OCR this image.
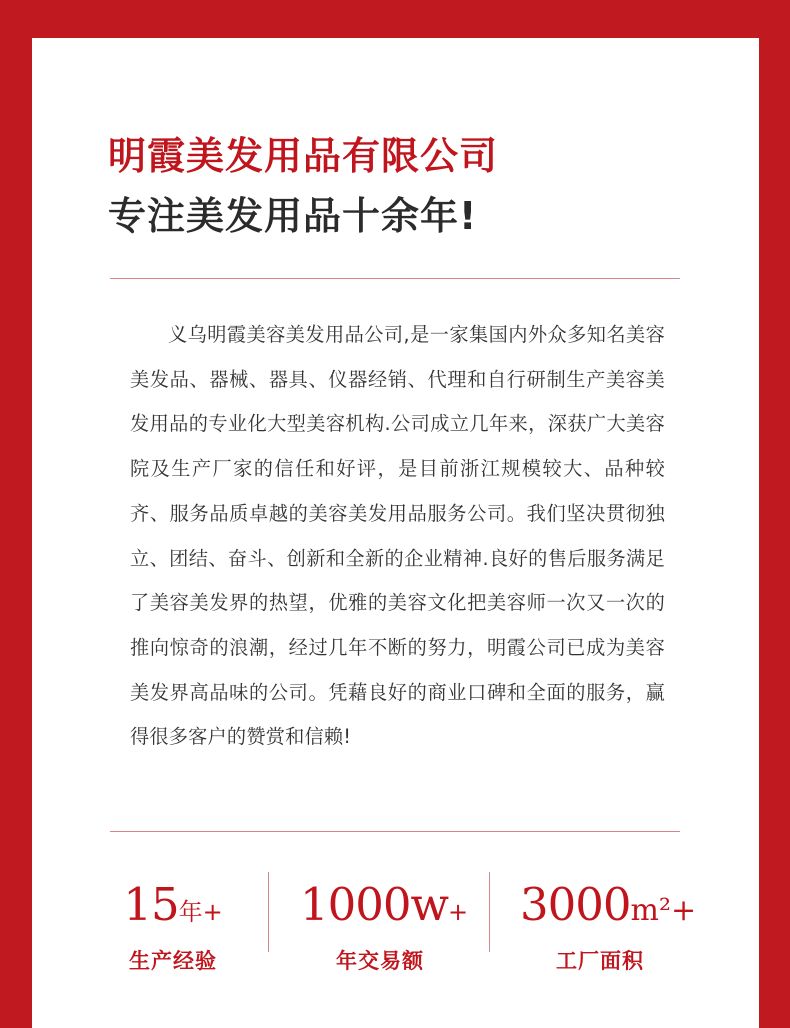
明霞美发用品有限公司
专注美发用品十余年!

义乌明霞美容美发用品公司,是一家集国内外众多知名美容美发品、器械、器具、仪器经销、代理和自行研制生产美容美发用品的专业化大型美容机构.公司成立几年来，深获广大美容院及生产厂家的信任和好评，是目前浙江规模较大、品种较齐、服务品质卓越的美容美发用品服务公司。我们坚决贯彻独立、团结、奋斗、创新和全新的企业精神.良好的售后服务满足了美容美发界的热望，优雅的美容文化把美容师一次又一次的推向惊奇的浪潮，经过几年不断的努力，明霞公司已成为美容美发界高品味的公司。凭藉良好的商业口碑和全面的服务，赢得很多客户的赞赏和信赖!

15年+
生产经验
1000w+
年交易额
3000m²+
工厂面积
